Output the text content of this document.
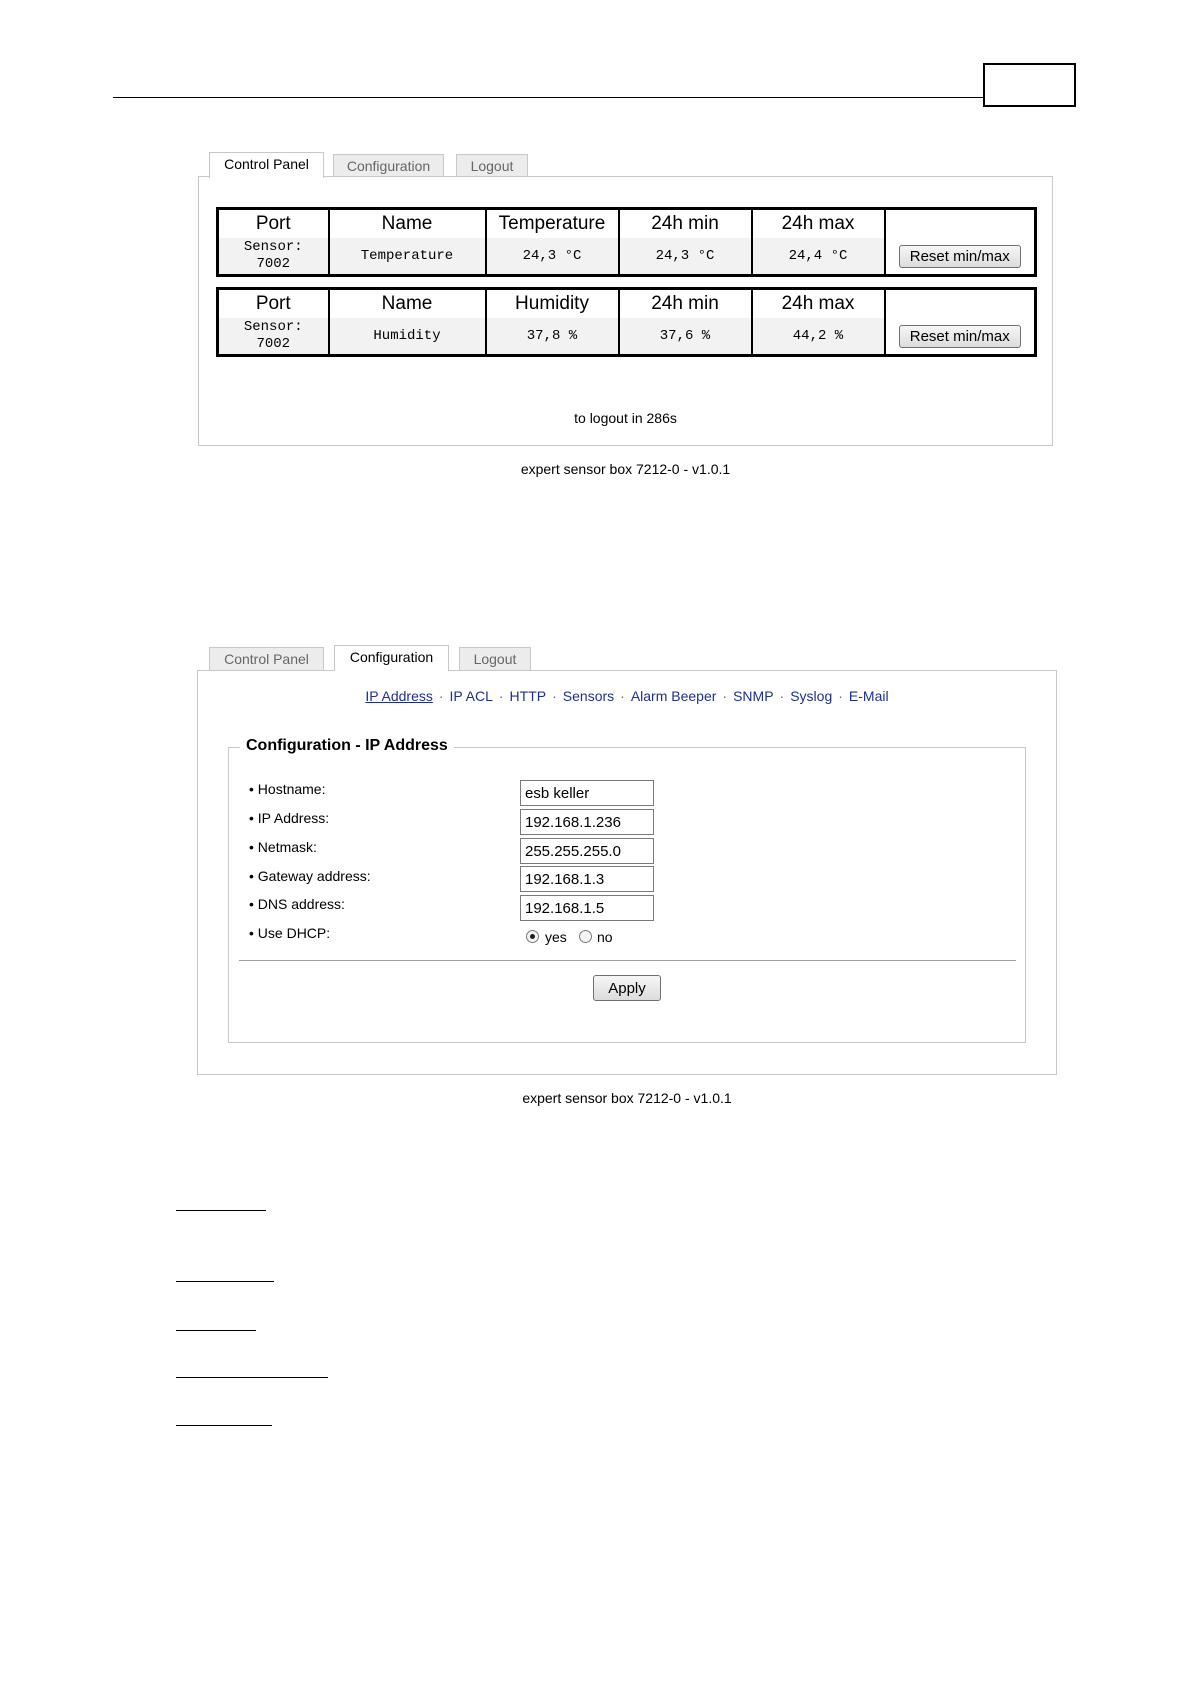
Control Panel	Configuration	Logout
Port	Name	Temperature	24h min	24h max	
Sensor:
7002	Temperature	24,3 °C	24,3 °C	24,4 °C	Reset min/max
Port	Name	Humidity	24h min	24h max	
Sensor:
7002	Humidity	37,8 %	37,6 %	44,2 %	Reset min/max
to logout in 286s
expert sensor box 7212-0 - v1.0.1
Control Panel	Configuration	Logout
IP Address · IP ACL · HTTP · Sensors · Alarm Beeper · SNMP · Syslog · E-Mail
Configuration - IP Address
• Hostname:
esb keller
• IP Address:
192.168.1.236
• Netmask:
255.255.255.0
• Gateway address:
192.168.1.3
• DNS address:
192.168.1.5
• Use DHCP:	yes no
Apply
expert sensor box 7212-0 - v1.0.1
